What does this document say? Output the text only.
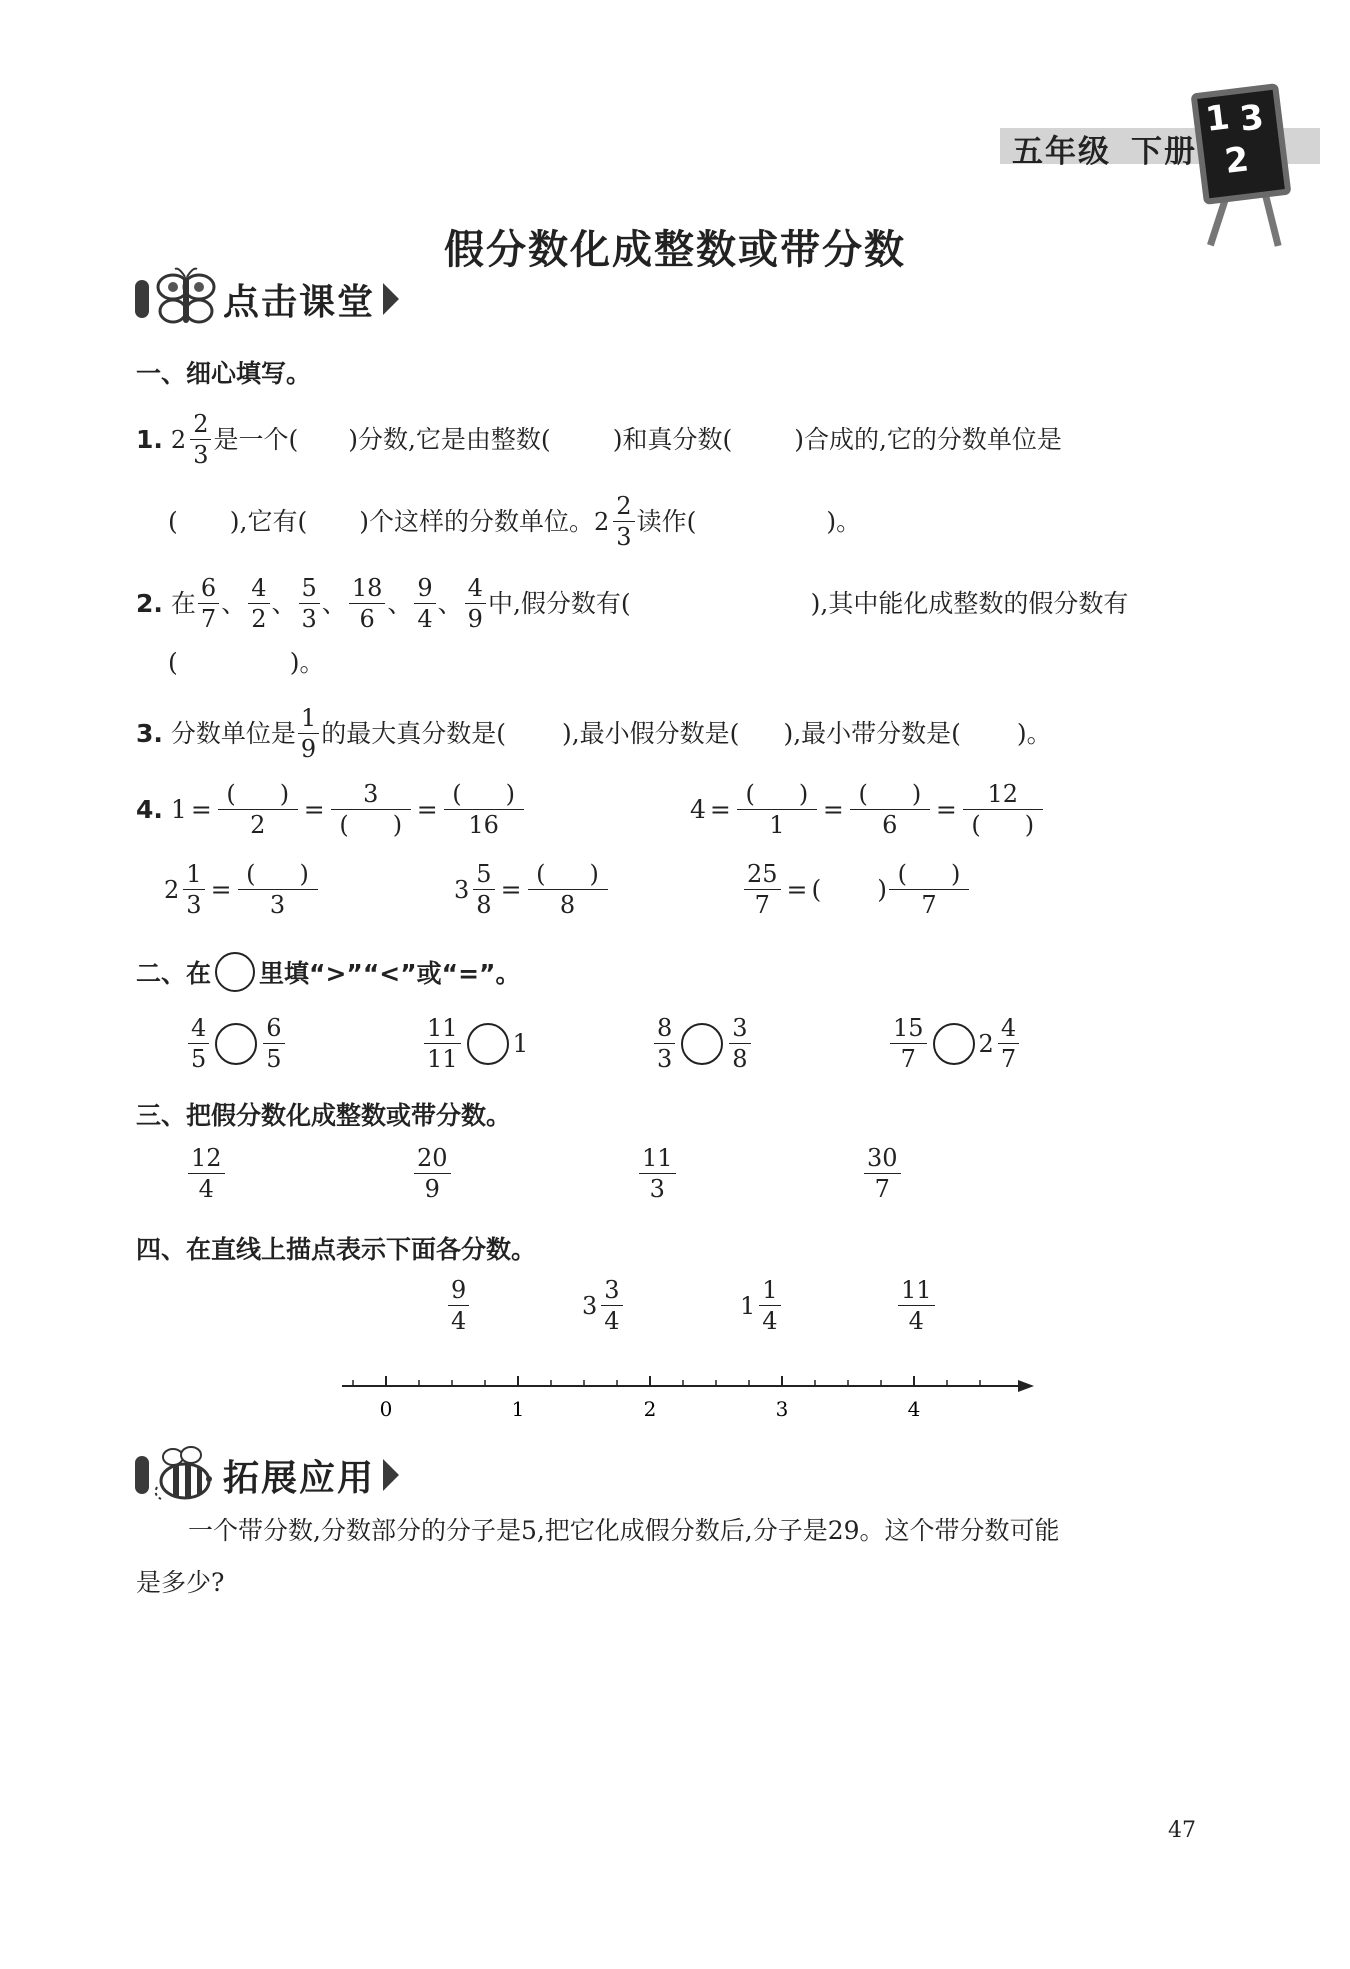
五年级 下册
1 3
2
假分数化成整数或带分数
点击课堂
一、细心填写。
1. $2 \frac{2}{3}$ 是一个( )分数,它是由整数( )和真分数( )合成的,它的分数单位是
( ),它有( )个这样的分数单位。 $2 \frac{2}{3}$ 读作(	)。
2. 在 $\frac{6}{7}$ 、 $\frac{4}{2}$ 、 $\frac{5}{3}$ 、 $\frac{18}{6}$ 、 $\frac{9}{4}$ 、 $\frac{4}{9}$ 中,假分数有(	),其中能化成整数的假分数有
(	)。
3. 分数单位是 $\frac{1}{9}$ 的最大真分数是( ),最小假分数是( ),最小带分数是( )。
4. $1 = \frac{( )}{2} = \frac{3}{( )} = \frac{( )}{16}$	$4 = \frac{( )}{1} = \frac{( )}{6} = \frac{12}{( )}$
$2 \frac{1}{3} = \frac{( )}{3}$	$3 \frac{5}{8} = \frac{( )}{8}$	$\frac{25}{7}$ = ( ) $\frac{( )}{7}$
二、在 里填“>”“<”或“=”。
$\frac{4}{5} \frac{6}{5}$	$\frac{11}{11} 1$	$\frac{8}{3} \frac{3}{8}$	$\frac{15}{7} 2 \frac{4}{7}$
三、把假分数化成整数或带分数。
$\frac{12}{4}$	$\frac{20}{9}$	$\frac{11}{3}$	$\frac{30}{7}$
四、在直线上描点表示下面各分数。
$\frac{9}{4}$	$3 \frac{3}{4}$	$1 \frac{1}{4}$	$\frac{11}{4}$
0	1	2	3	4
拓展应用
一个带分数,分数部分的分子是5,把它化成假分数后,分子是29。这个带分数可能
是多少?
47
